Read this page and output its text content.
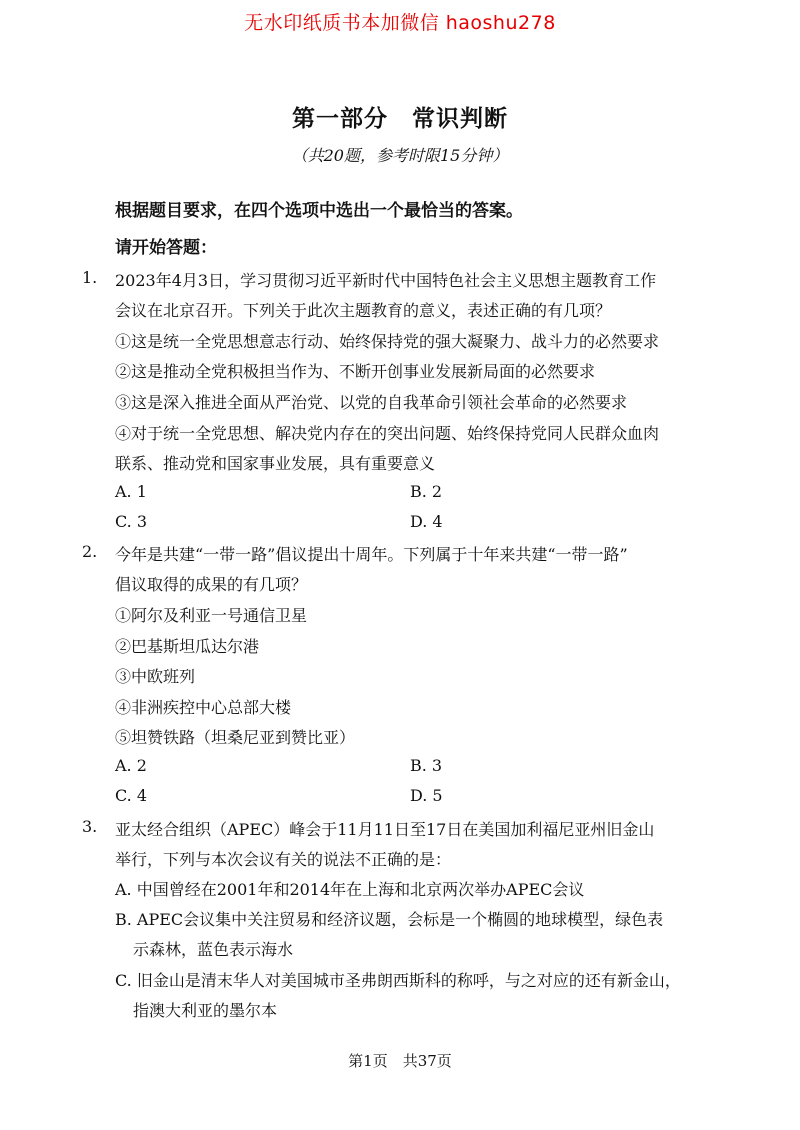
无水印纸质书本加微信 haoshu278
第一部分　常识判断
（共20题，参考时限15分钟）
根据题目要求，在四个选项中选出一个最恰当的答案。
请开始答题：
1. 2023年4月3日，学习贯彻习近平新时代中国特色社会主义思想主题教育工作
会议在北京召开。下列关于此次主题教育的意义，表述正确的有几项？
①这是统一全党思想意志行动、始终保持党的强大凝聚力、战斗力的必然要求
②这是推动全党积极担当作为、不断开创事业发展新局面的必然要求
③这是深入推进全面从严治党、以党的自我革命引领社会革命的必然要求
④对于统一全党思想、解决党内存在的突出问题、始终保持党同人民群众血肉
联系、推动党和国家事业发展，具有重要意义
A. 1	B. 2
C. 3	D. 4
2. 今年是共建“一带一路”倡议提出十周年。下列属于十年来共建“一带一路”
倡议取得的成果的有几项？
①阿尔及利亚一号通信卫星
②巴基斯坦瓜达尔港
③中欧班列
④非洲疾控中心总部大楼
⑤坦赞铁路（坦桑尼亚到赞比亚）
A. 2	B. 3
C. 4	D. 5
3. 亚太经合组织（APEC）峰会于11月11日至17日在美国加利福尼亚州旧金山
举行，下列与本次会议有关的说法不正确的是：
A. 中国曾经在2001年和2014年在上海和北京两次举办APEC会议
B. APEC会议集中关注贸易和经济议题，会标是一个椭圆的地球模型，绿色表
示森林，蓝色表示海水
C. 旧金山是清末华人对美国城市圣弗朗西斯科的称呼，与之对应的还有新金山，
指澳大利亚的墨尔本
第1页　共37页
